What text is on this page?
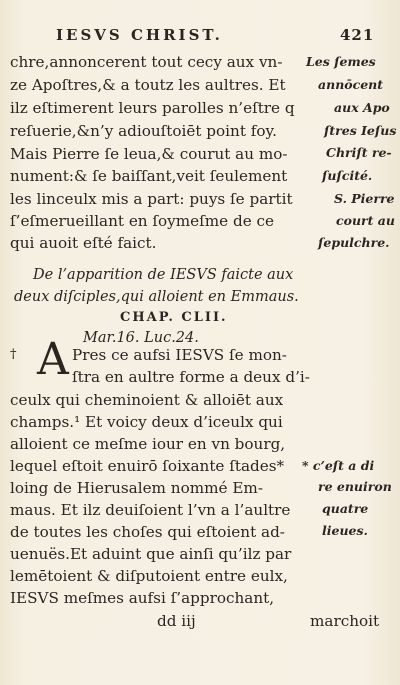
IESVS CHRIST.	421
chre,annoncerent tout cecy aux vn-
ze Apoſtres,& a toutz les aultres. Et
ilz eſtimerent leurs parolles n’eſtre q
reſuerie,&n’y adiouſtoiēt point foy.
Mais Pierre ſe leua,& courut au mo-
nument:& ſe baiſſant,veit ſeulement
les linceulx mis a part: puys ſe partit
ſ’eſmerueillant en ſoymeſme de ce
qui auoit eſté faict.
Les ſemes
annōcent
aux Apo
ſtres Ieſus
Chriſt re-
ſuſcité.
S. Pierre
court au
ſepulchre.
De l’apparition de IESVS faicte aux
deux diſciples,qui alloient en Emmaus.
CHAP. CLII.
Mar.16. Luc.24.
† A Pres ce aufsi IESVS ſe mon-
ſtra en aultre forme a deux d’i-
ceulx qui cheminoient & alloiēt aux
champs.¹ Et voicy deux d’iceulx qui
alloient ce meſme iour en vn bourg,
lequel eſtoit enuirō ſoixante ſtades*
loing de Hierusalem nommé Em-
maus. Et ilz deuiſoient l’vn a l’aultre
de toutes les choſes qui eſtoient ad-
uenuës.Et aduint que ainſi qu’ilz par
lemētoient & diſputoient entre eulx,
IESVS meſmes aufsi ſ’approchant,
* c’eſt a di
re enuiron
quatre
lieues.
dd iij	marchoit
